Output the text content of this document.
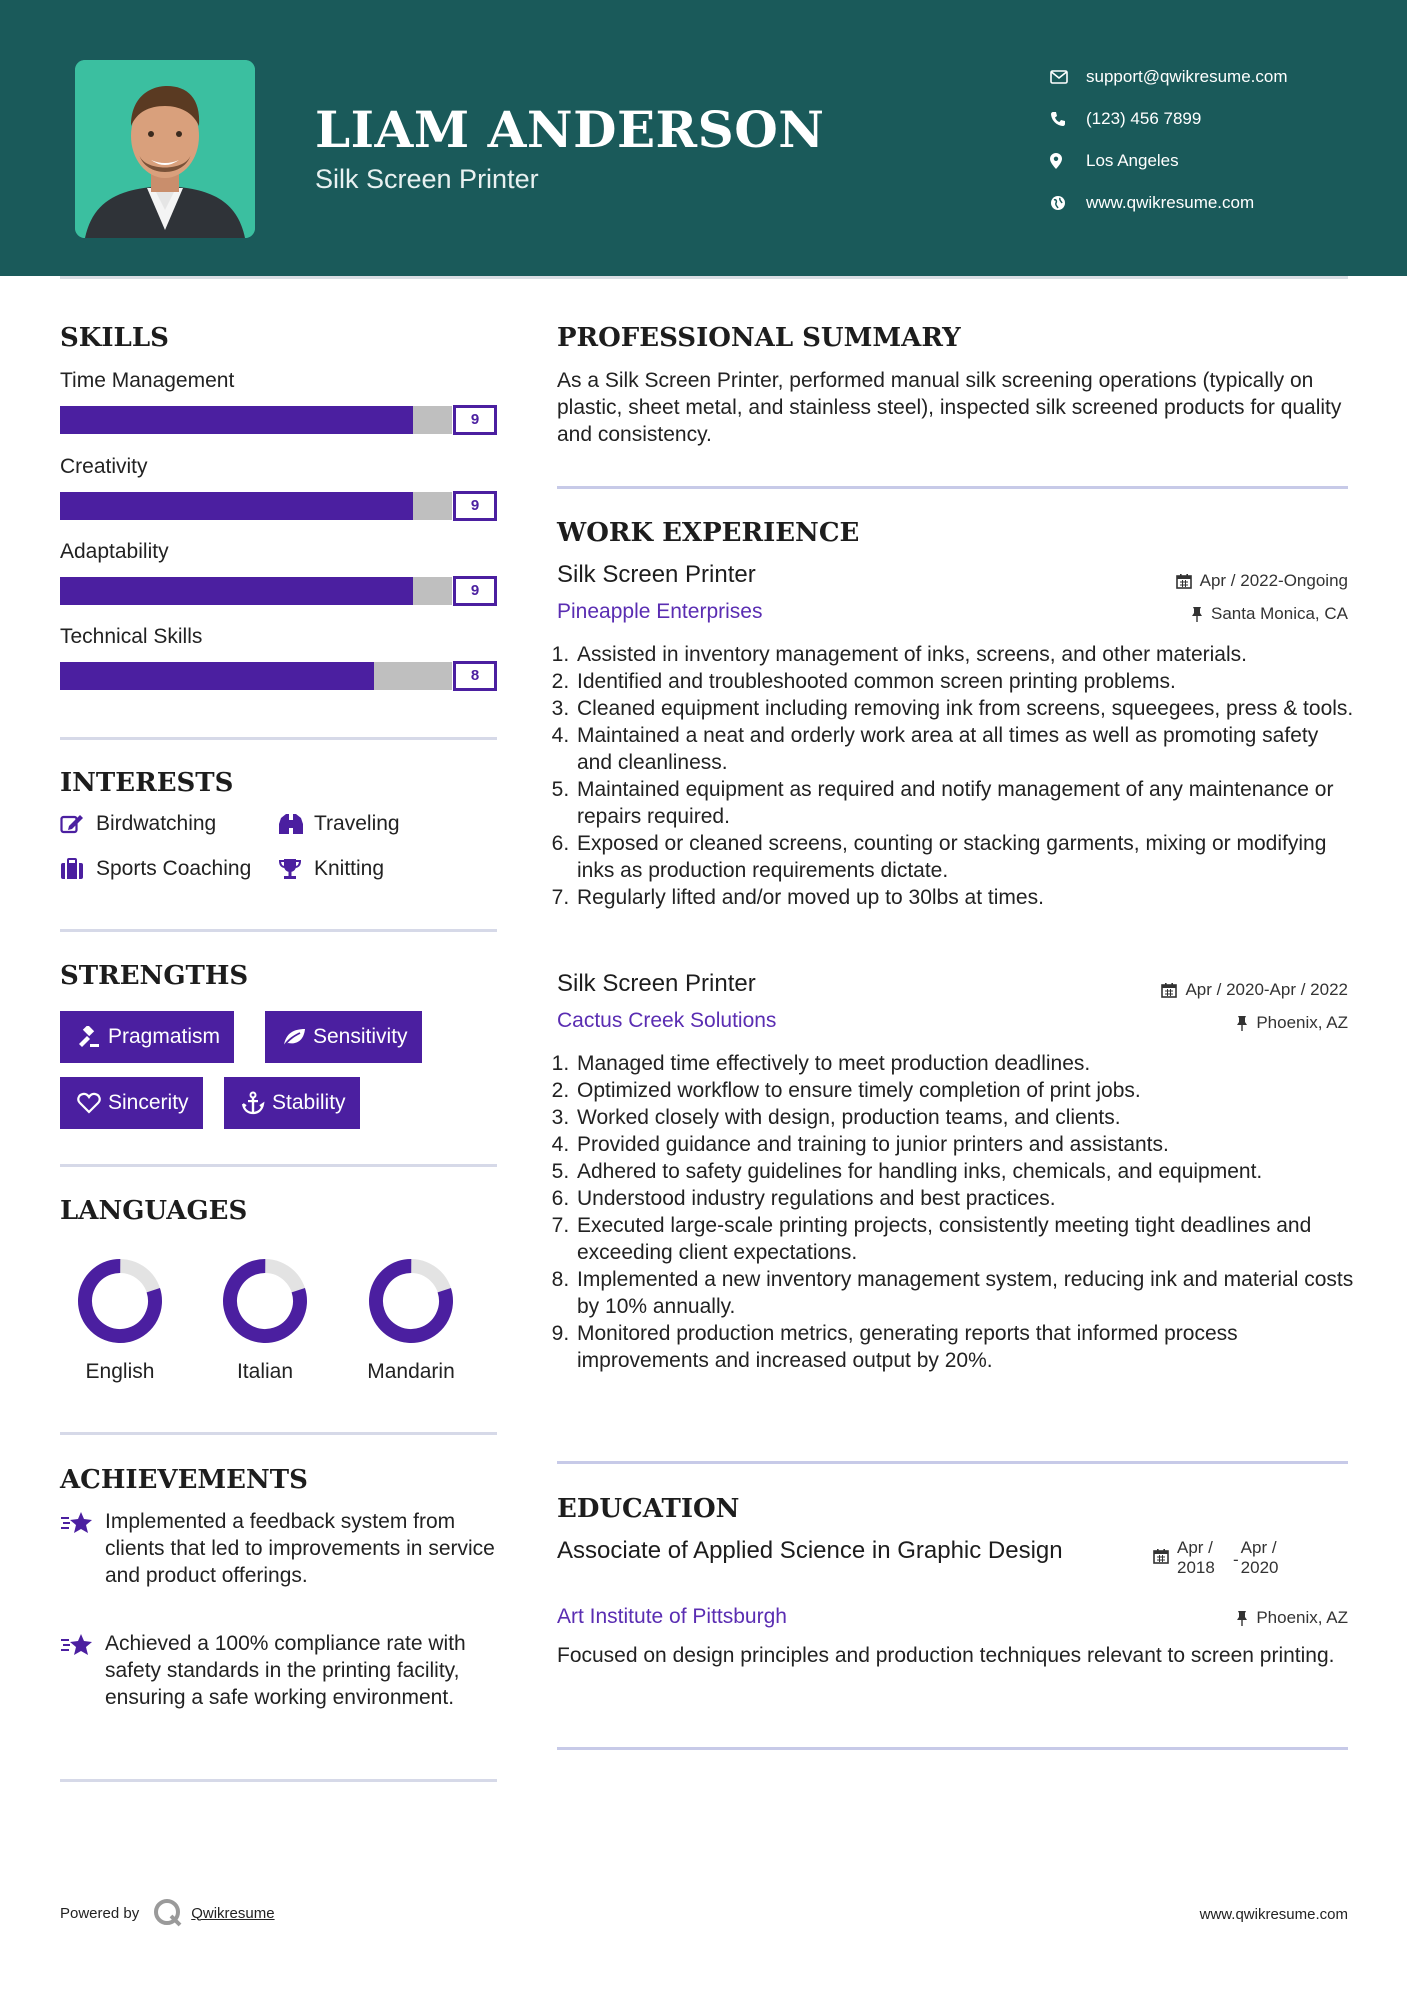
LIAM ANDERSON
Silk Screen Printer
support@qwikresume.com
(123) 456 7899
Los Angeles
www.qwikresume.com
SKILLS
Time Management
9
Creativity
9
Adaptability
9
Technical Skills
8
INTERESTS
Birdwatching	Traveling
Sports Coaching	Knitting
STRENGTHS
Pragmatism	Sensitivity
Sincerity	Stability
LANGUAGES
English	Italian	Mandarin
ACHIEVEMENTS
Implemented a feedback system from clients that led to improvements in service and product offerings.
Achieved a 100% compliance rate with safety standards in the printing facility, ensuring a safe working environment.
PROFESSIONAL SUMMARY
As a Silk Screen Printer, performed manual silk screening operations (typically on plastic, sheet metal, and stainless steel), inspected silk screened products for quality and consistency.
WORK EXPERIENCE
Silk Screen Printer	Apr / 2022-Ongoing
Pineapple Enterprises	Santa Monica, CA
1. Assisted in inventory management of inks, screens, and other materials.
2. Identified and troubleshooted common screen printing problems.
3. Cleaned equipment including removing ink from screens, squeegees, press & tools.
4. Maintained a neat and orderly work area at all times as well as promoting safety and cleanliness.
5. Maintained equipment as required and notify management of any maintenance or repairs required.
6. Exposed or cleaned screens, counting or stacking garments, mixing or modifying inks as production requirements dictate.
7. Regularly lifted and/or moved up to 30lbs at times.
Silk Screen Printer	Apr / 2020-Apr / 2022
Cactus Creek Solutions	Phoenix, AZ
1. Managed time effectively to meet production deadlines.
2. Optimized workflow to ensure timely completion of print jobs.
3. Worked closely with design, production teams, and clients.
4. Provided guidance and training to junior printers and assistants.
5. Adhered to safety guidelines for handling inks, chemicals, and equipment.
6. Understood industry regulations and best practices.
7. Executed large-scale printing projects, consistently meeting tight deadlines and exceeding client expectations.
8. Implemented a new inventory management system, reducing ink and material costs by 10% annually.
9. Monitored production metrics, generating reports that informed process improvements and increased output by 20%.
EDUCATION
Associate of Applied Science in Graphic Design	Apr / 2018	-
Apr / 2020
Art Institute of Pittsburgh	Phoenix, AZ
Focused on design principles and production techniques relevant to screen printing.
Powered by	Qwikresume	www.qwikresume.com
